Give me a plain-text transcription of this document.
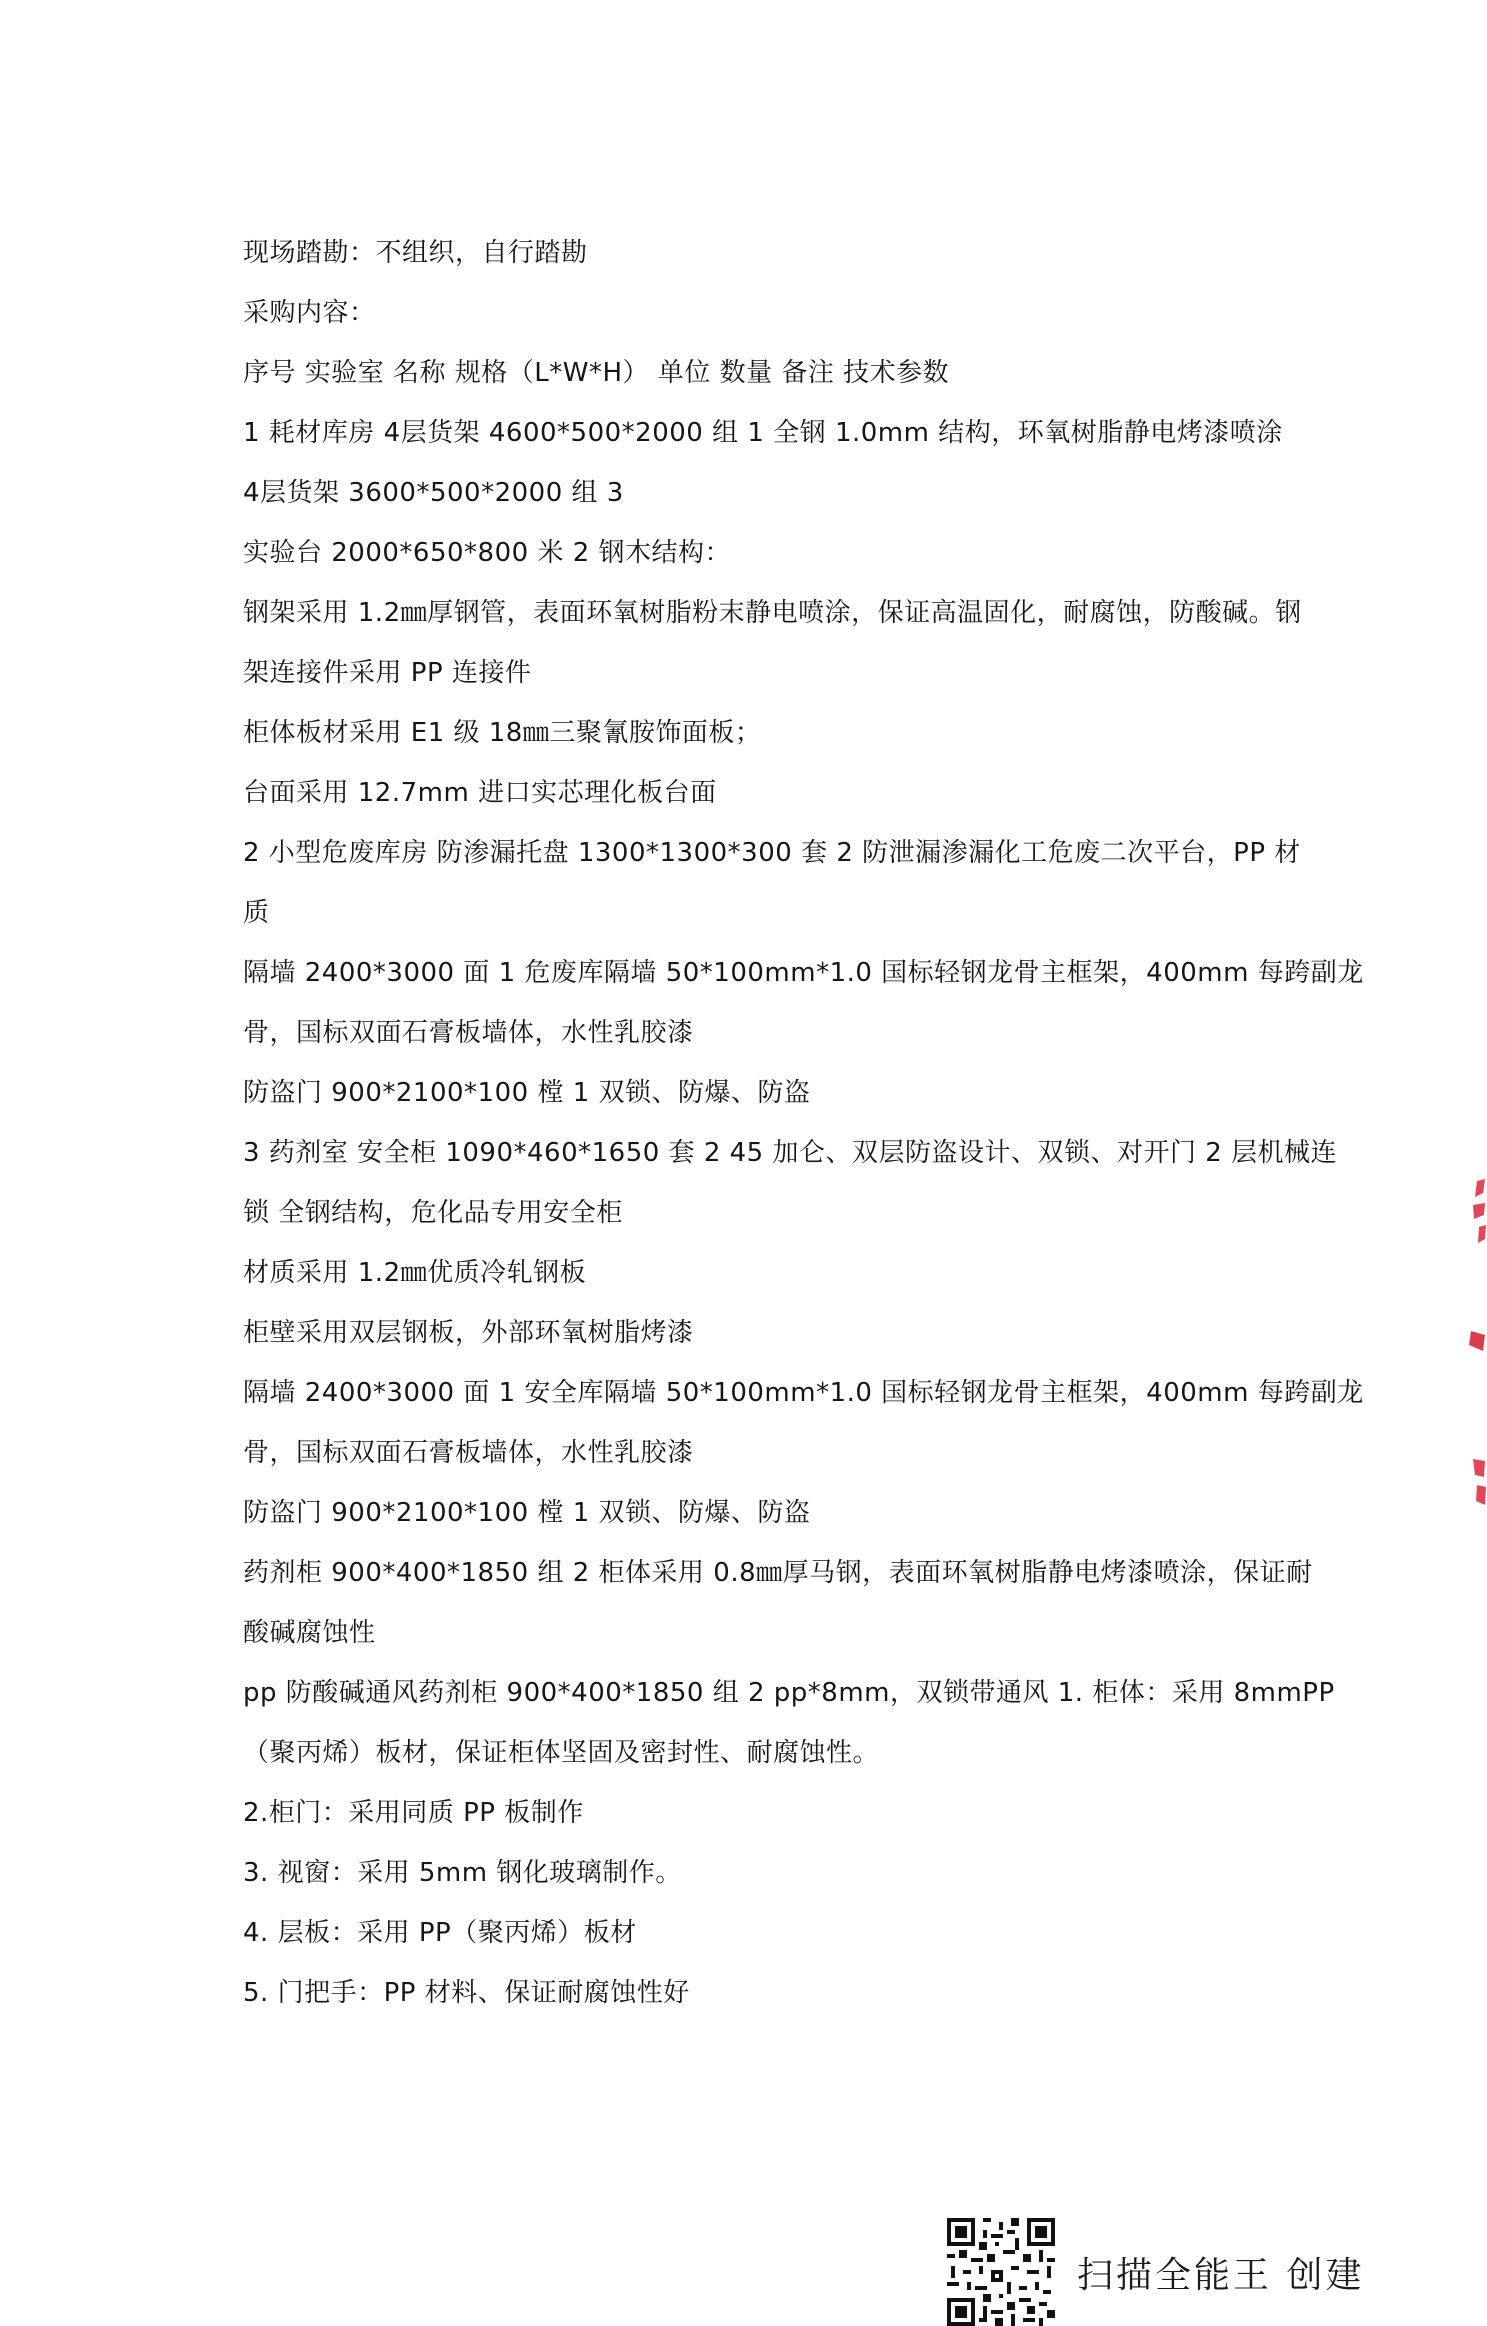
现场踏勘：不组织，自行踏勘
采购内容：
序号 实验室 名称 规格（L*W*H） 单位 数量 备注 技术参数
1 耗材库房 4层货架 4600*500*2000 组 1 全钢 1.0mm 结构，环氧树脂静电烤漆喷涂
4层货架 3600*500*2000 组 3
实验台 2000*650*800 米 2 钢木结构：
钢架采用 1.2㎜厚钢管，表面环氧树脂粉末静电喷涂，保证高温固化，耐腐蚀，防酸碱。钢
架连接件采用 PP 连接件
柜体板材采用 E1 级 18㎜三聚氰胺饰面板；
台面采用 12.7mm 进口实芯理化板台面
2 小型危废库房 防渗漏托盘 1300*1300*300 套 2 防泄漏渗漏化工危废二次平台，PP 材
质
隔墙 2400*3000 面 1 危废库隔墙 50*100mm*1.0 国标轻钢龙骨主框架，400mm 每跨副龙
骨，国标双面石膏板墙体，水性乳胶漆
防盗门 900*2100*100 樘 1 双锁、防爆、防盗
3 药剂室 安全柜 1090*460*1650 套 2 45 加仑、双层防盗设计、双锁、对开门 2 层机械连
锁 全钢结构，危化品专用安全柜
材质采用 1.2㎜优质冷轧钢板
柜壁采用双层钢板，外部环氧树脂烤漆
隔墙 2400*3000 面 1 安全库隔墙 50*100mm*1.0 国标轻钢龙骨主框架，400mm 每跨副龙
骨，国标双面石膏板墙体，水性乳胶漆
防盗门 900*2100*100 樘 1 双锁、防爆、防盗
药剂柜 900*400*1850 组 2 柜体采用 0.8㎜厚马钢，表面环氧树脂静电烤漆喷涂，保证耐
酸碱腐蚀性
pp 防酸碱通风药剂柜 900*400*1850 组 2 pp*8mm，双锁带通风 1. 柜体：采用 8mmPP
（聚丙烯）板材，保证柜体坚固及密封性、耐腐蚀性。
2.柜门：采用同质 PP 板制作
3. 视窗：采用 5mm 钢化玻璃制作。
4. 层板：采用 PP（聚丙烯）板材
5. 门把手：PP 材料、保证耐腐蚀性好
扫描全能王 创建
